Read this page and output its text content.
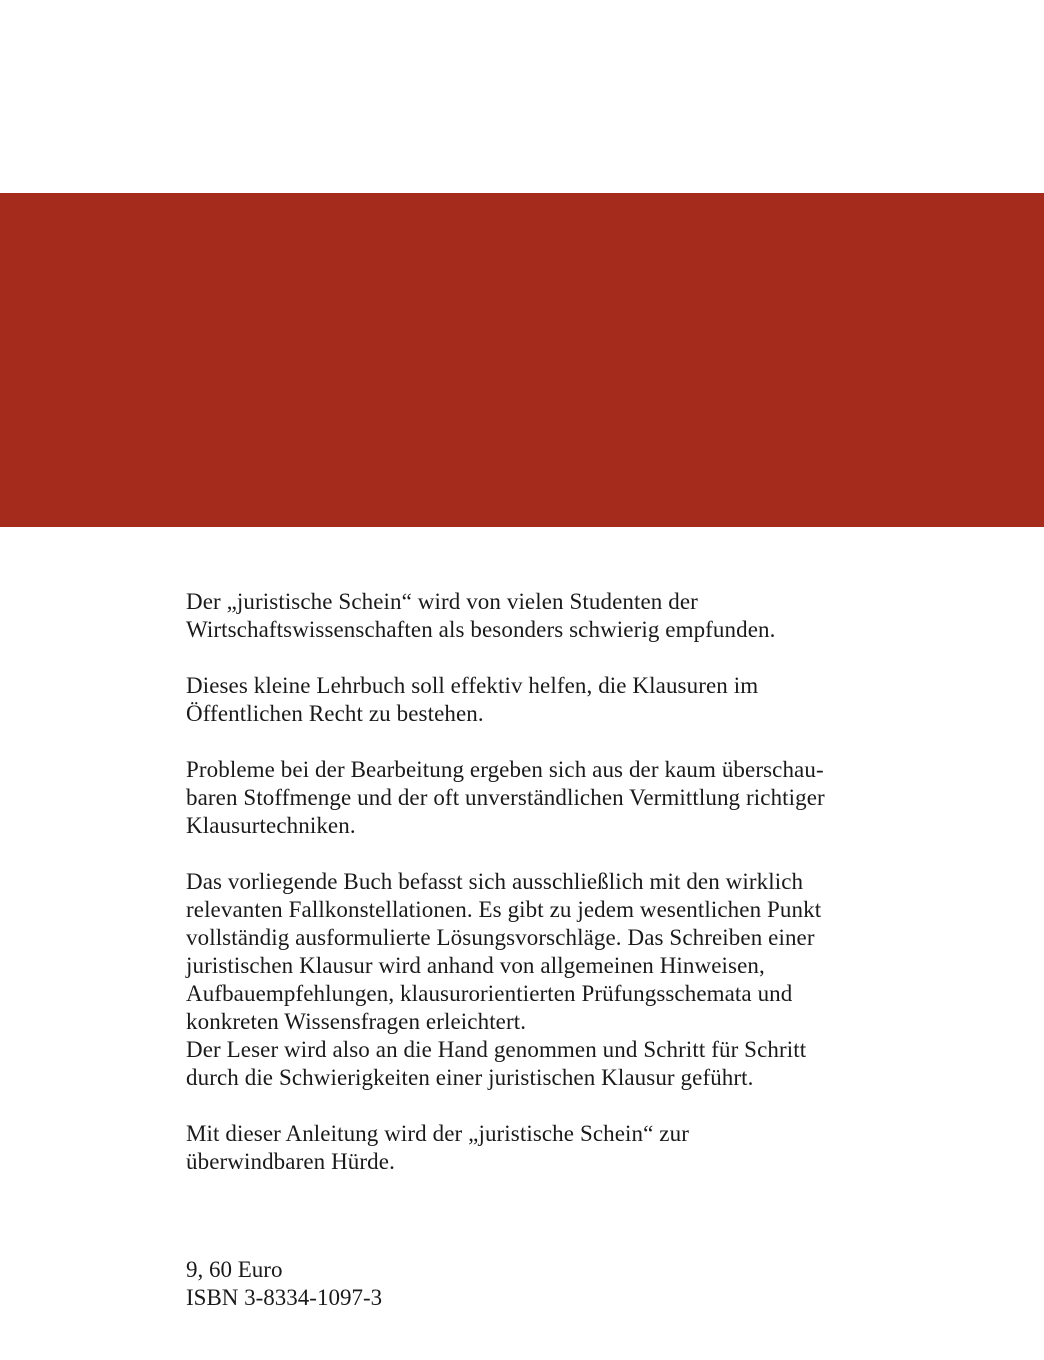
Der „juristische Schein“ wird von vielen Studenten der
Wirtschaftswissenschaften als besonders schwierig empfunden.

Dieses kleine Lehrbuch soll effektiv helfen, die Klausuren im
Öffentlichen Recht zu bestehen.

Probleme bei der Bearbeitung ergeben sich aus der kaum überschau-
baren Stoffmenge und der oft unverständlichen Vermittlung richtiger
Klausurtechniken.

Das vorliegende Buch befasst sich ausschließlich mit den wirklich
relevanten Fallkonstellationen. Es gibt zu jedem wesentlichen Punkt
vollständig ausformulierte Lösungsvorschläge. Das Schreiben einer
juristischen Klausur wird anhand von allgemeinen Hinweisen,
Aufbauempfehlungen, klausurorientierten Prüfungsschemata und
konkreten Wissensfragen erleichtert.

Der Leser wird also an die Hand genommen und Schritt für Schritt
durch die Schwierigkeiten einer juristischen Klausur geführt.

Mit dieser Anleitung wird der „juristische Schein“ zur
überwindbaren Hürde.

9, 60 Euro
ISBN 3-8334-1097-3
